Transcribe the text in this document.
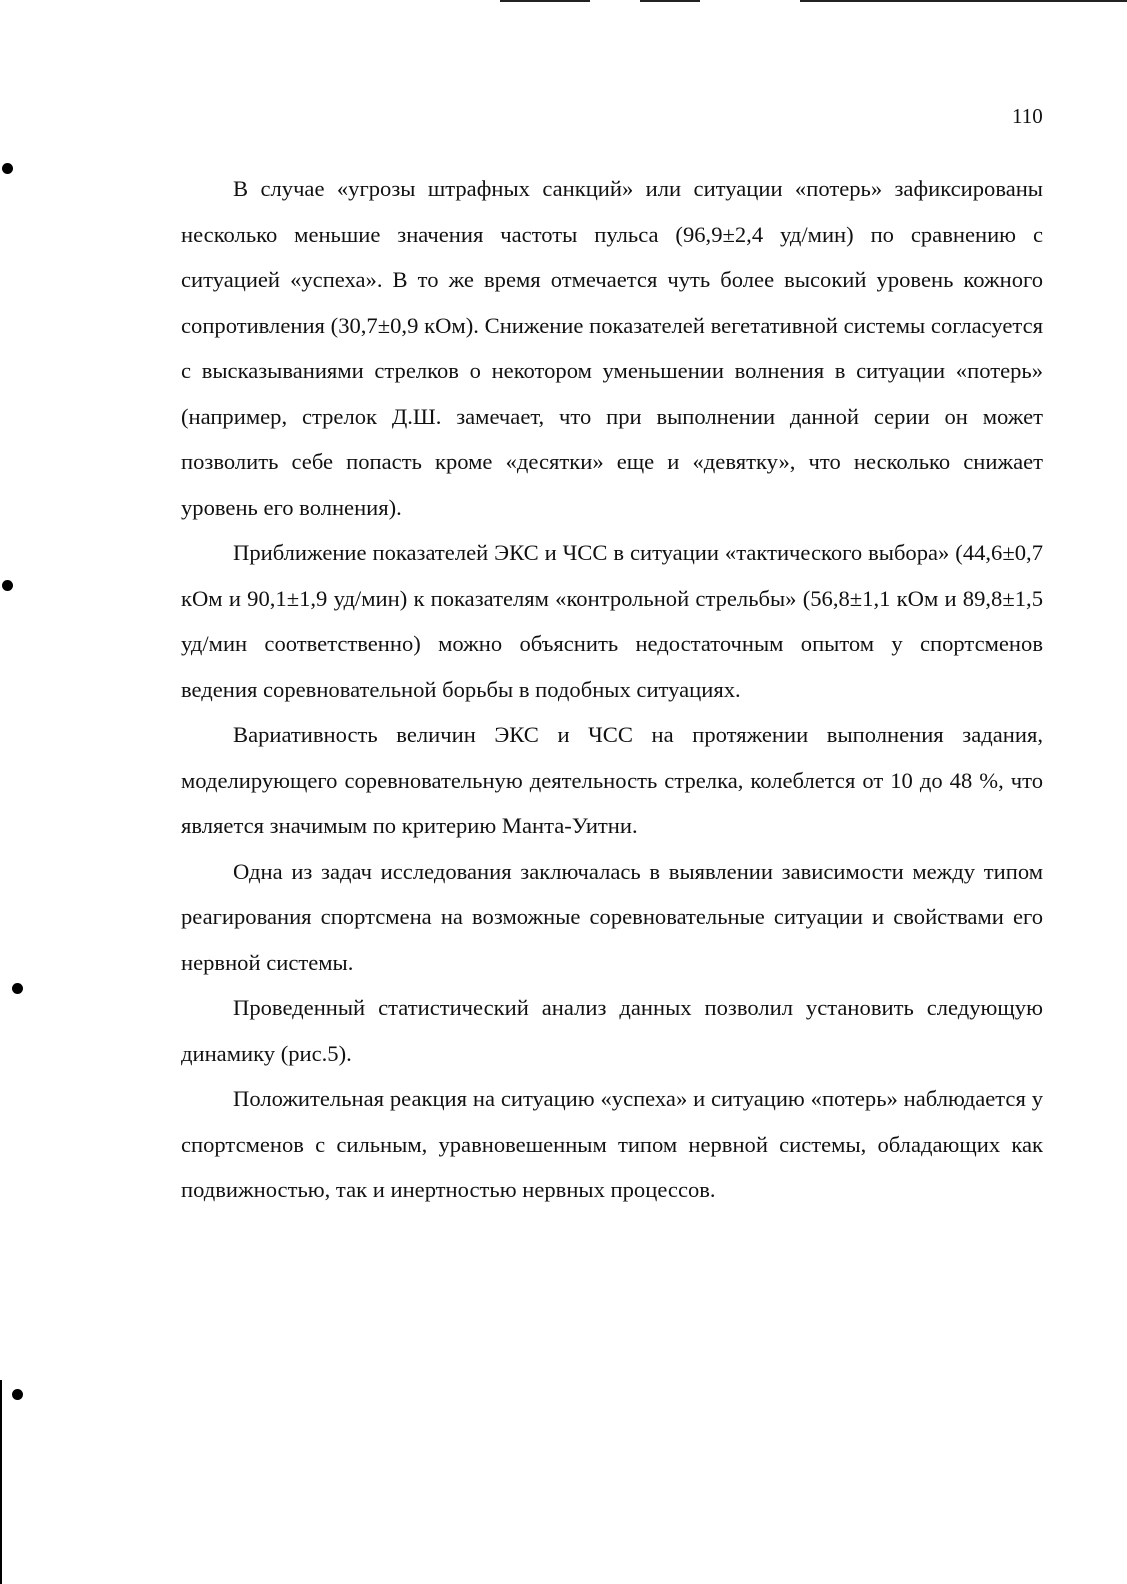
110

В случае «угрозы штрафных санкций» или ситуации «потерь» зафиксированы несколько меньшие значения частоты пульса (96,9±2,4 уд/мин) по сравнению с ситуацией «успеха». В то же время отмечается чуть более высокий уровень кожного сопротивления (30,7±0,9 кОм). Снижение показателей вегетативной системы согласуется с высказываниями стрелков о некотором уменьшении волнения в ситуации «потерь» (например, стрелок Д.Ш. замечает, что при выполнении данной серии он может позволить себе попасть кроме «десятки» еще и «девятку», что несколько снижает уровень его волнения).

Приближение показателей ЭКС и ЧСС в ситуации «тактического выбора» (44,6±0,7 кОм и 90,1±1,9 уд/мин) к показателям «контрольной стрельбы» (56,8±1,1 кОм и 89,8±1,5 уд/мин соответственно) можно объяснить недостаточным опытом у спортсменов ведения соревновательной борьбы в подобных ситуациях.

Вариативность величин ЭКС и ЧСС на протяжении выполнения задания, моделирующего соревновательную деятельность стрелка, колеблется от 10 до 48 %, что является значимым по критерию Манта-Уитни.

Одна из задач исследования заключалась в выявлении зависимости между типом реагирования спортсмена на возможные соревновательные ситуации и свойствами его нервной системы.

Проведенный статистический анализ данных позволил установить следующую динамику (рис.5).

Положительная реакция на ситуацию «успеха» и ситуацию «потерь» наблюдается у спортсменов с сильным, уравновешенным типом нервной системы, обладающих как подвижностью, так и инертностью нервных процессов.
